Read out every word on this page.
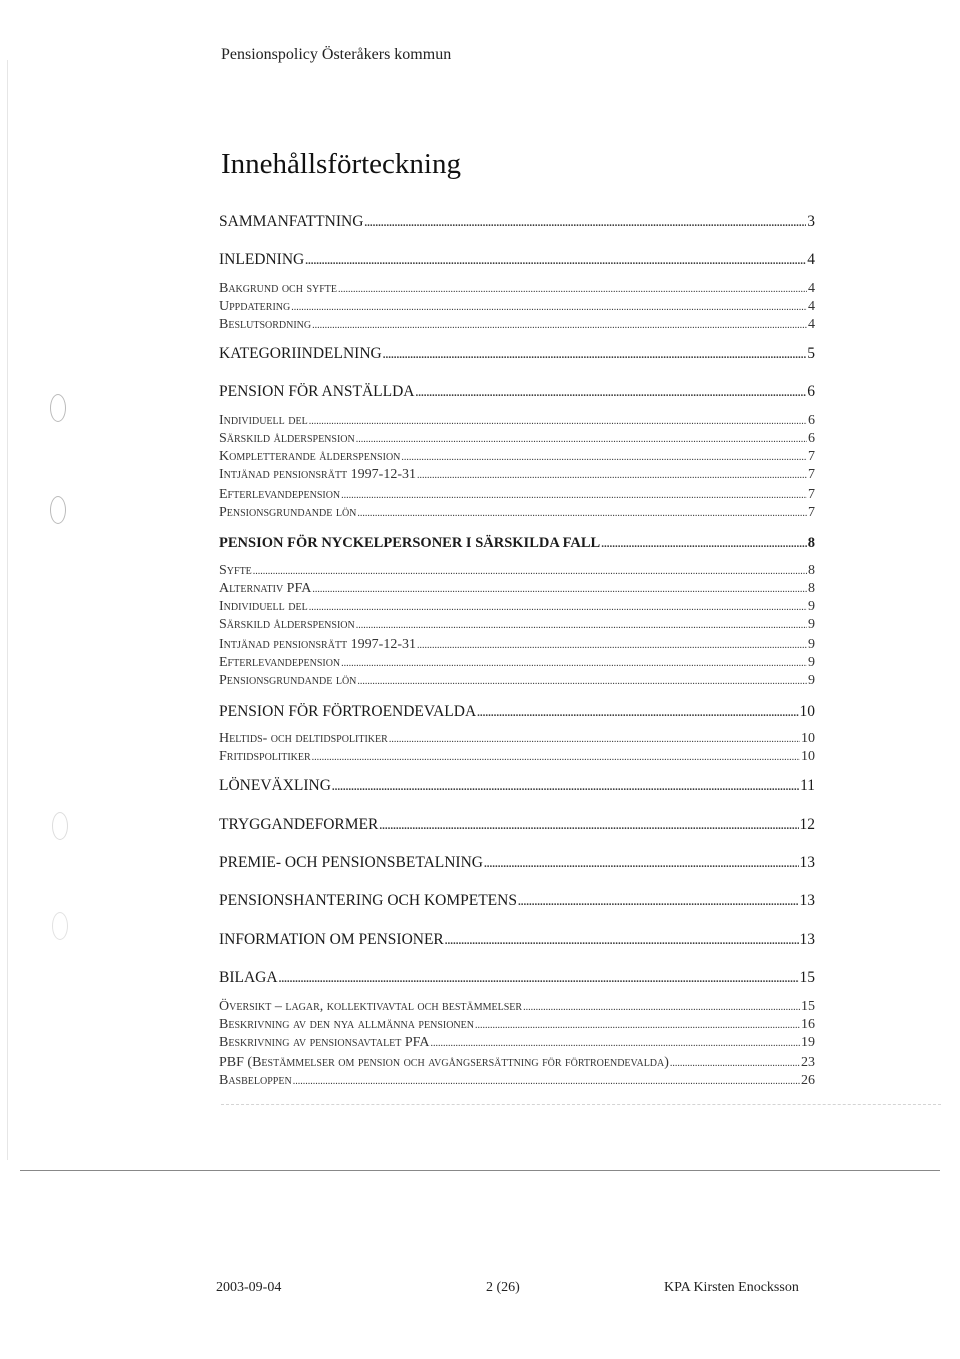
Pensionspolicy Österåkers kommun
Innehållsförteckning
SAMMANFATTNING .....	3
INLEDNING .....	4
Bakgrund och syfte .....	4
Uppdatering .....	4
Beslutsordning .....	4
KATEGORIINDELNING .....	5
PENSION FÖR ANSTÄLLDA .....	6
Individuell del .....	6
Särskild ålderspension .....	6
Kompletterande ålderspension .....	7
Intjänad pensionsrätt 1997-12-31 .....	7
Efterlevandepension .....	7
Pensionsgrundande lön .....	7
PENSION FÖR NYCKELPERSONER I SÄRSKILDA FALL .....	8
Syfte .....	8
Alternativ PFA .....	8
Individuell del .....	9
Särskild ålderspension .....	9
Intjänad pensionsrätt 1997-12-31 .....	9
Efterlevandepension .....	9
Pensionsgrundande lön .....	9
PENSION FÖR FÖRTROENDEVALDA .....	10
Heltids- och deltidspolitiker .....	10
Fritidspolitiker .....	10
LÖNEVÄXLING .....	11
TRYGGANDEFORMER .....	12
PREMIE- OCH PENSIONSBETALNING .....	13
PENSIONSHANTERING OCH KOMPETENS .....	13
INFORMATION OM PENSIONER .....	13
BILAGA .....	15
Översikt – lagar, kollektivavtal och bestämmelser .....	15
Beskrivning av den nya allmänna pensionen .....	16
Beskrivning av pensionsavtalet PFA .....	19
PBF (Bestämmelser om pension och avgångsersättning för förtroendevalda) .....	23
Basbeloppen .....	26
2003-09-04	2 (26)	KPA Kirsten Enocksson
